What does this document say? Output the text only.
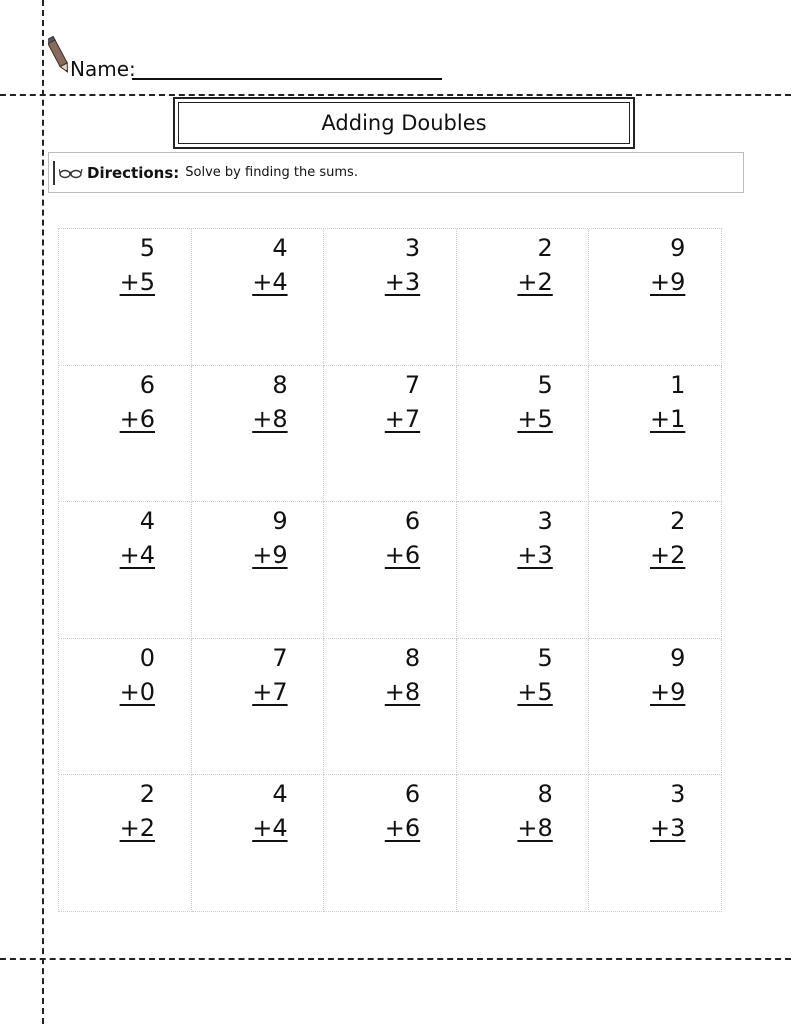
Name:
Adding Doubles
Directions: Solve by finding the sums.
5
+5
4
+4
3
+3
2
+2
9
+9
6
+6
8
+8
7
+7
5
+5
1
+1
4
+4
9
+9
6
+6
3
+3
2
+2
0
+0
7
+7
8
+8
5
+5
9
+9
2
+2
4
+4
6
+6
8
+8
3
+3
